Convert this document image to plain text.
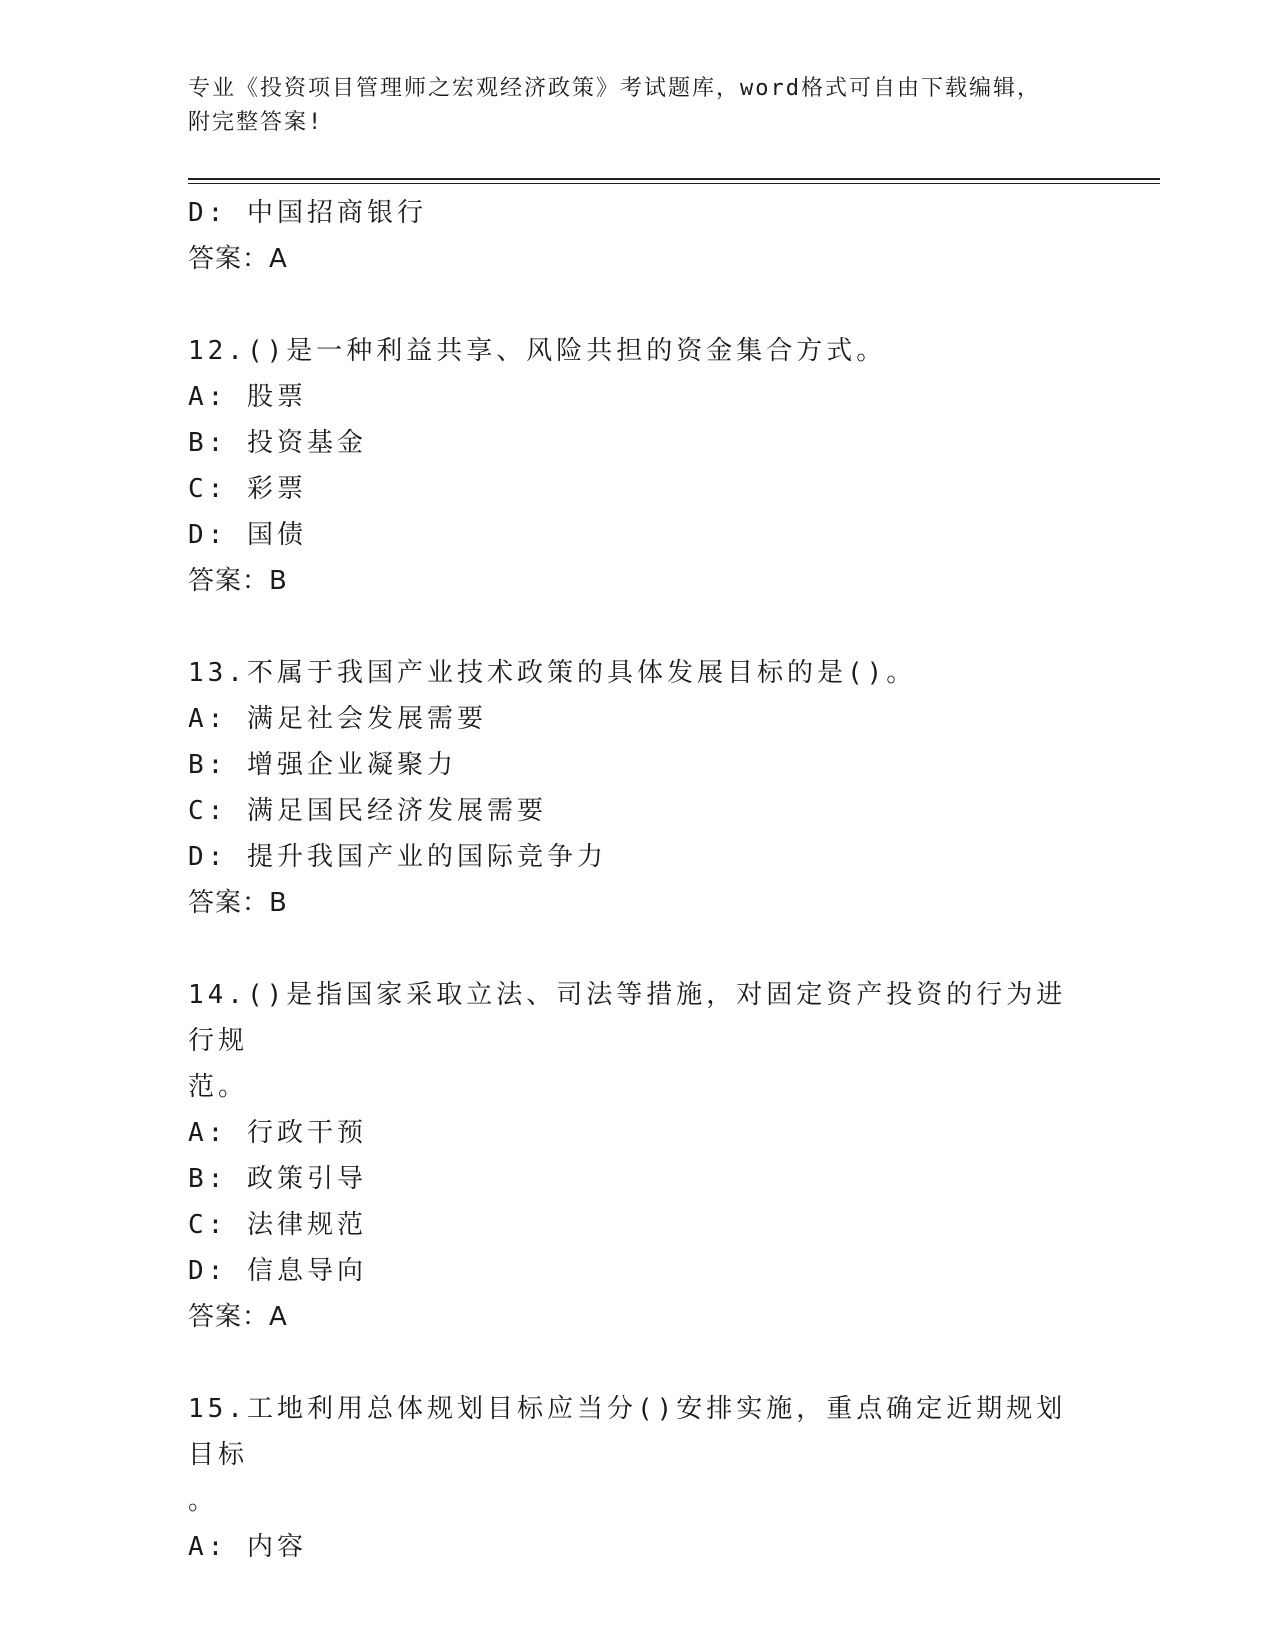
专业《投资项目管理师之宏观经济政策》考试题库，word格式可自由下载编辑，
附完整答案!
D: 中国招商银行
答案：A
12.()是一种利益共享、风险共担的资金集合方式。
A: 股票
B: 投资基金
C: 彩票
D: 国债
答案：B
13.不属于我国产业技术政策的具体发展目标的是()。
A: 满足社会发展需要
B: 增强企业凝聚力
C: 满足国民经济发展需要
D: 提升我国产业的国际竞争力
答案：B
14.()是指国家采取立法、司法等措施，对固定资产投资的行为进行规
范。
A: 行政干预
B: 政策引导
C: 法律规范
D: 信息导向
答案：A
15.工地利用总体规划目标应当分()安排实施，重点确定近期规划目标
。
A: 内容
